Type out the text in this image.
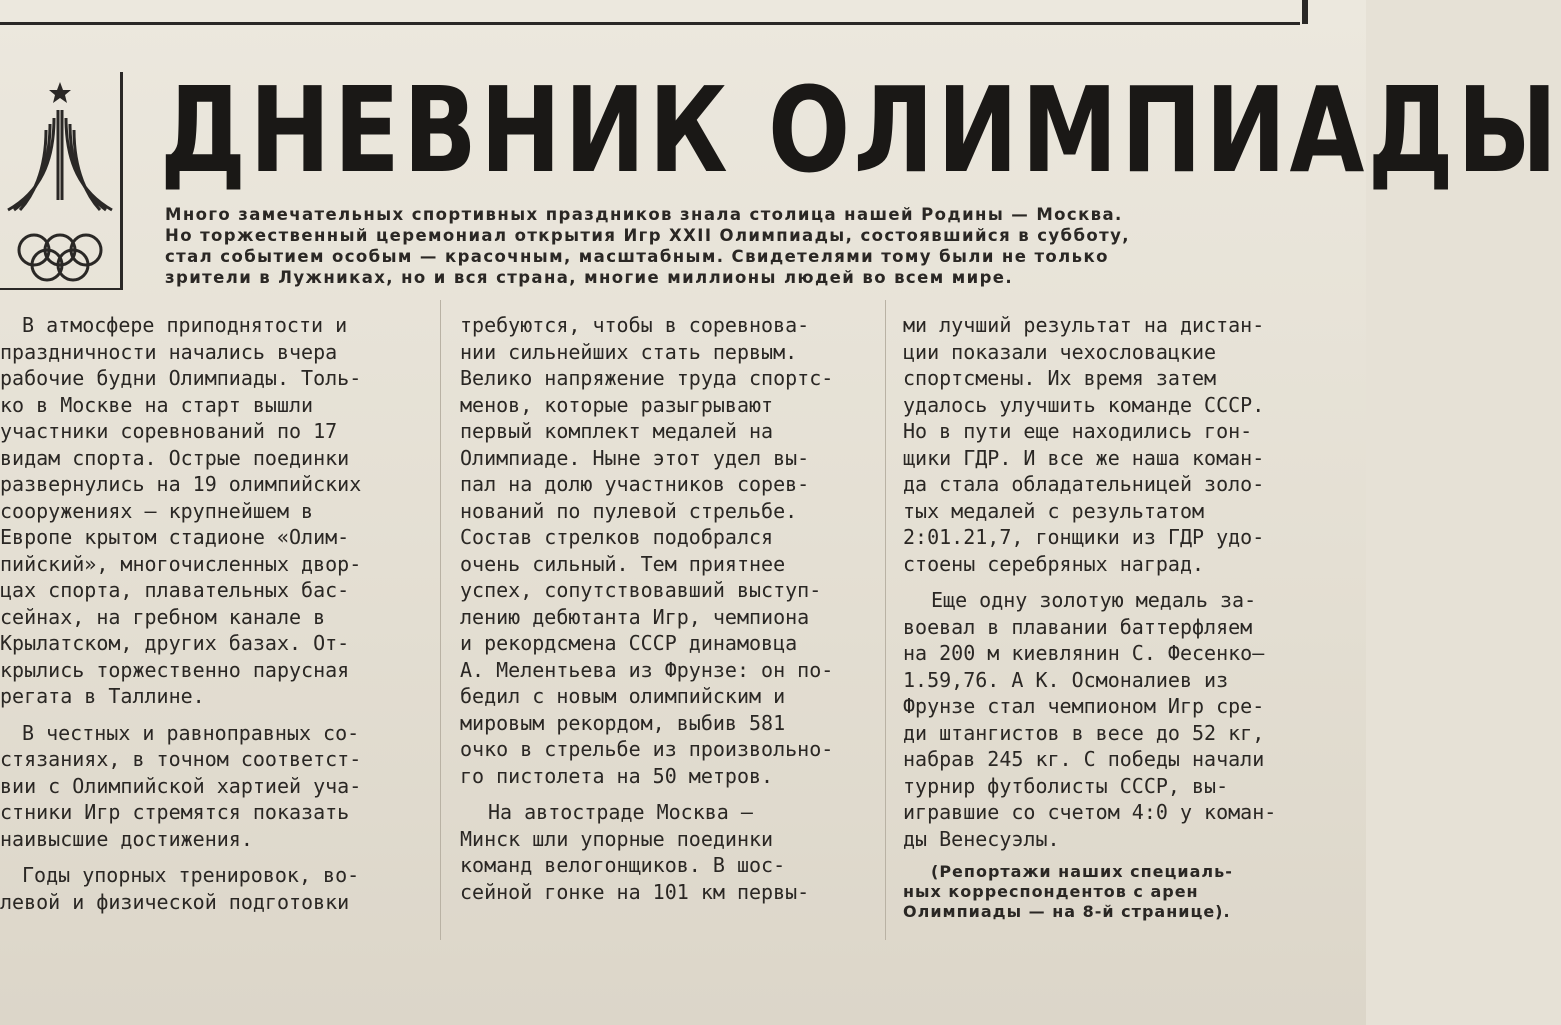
ДНЕВНИК ОЛИМПИАДЫ
Много замечательных спортивных праздников знала столица нашей Родины — Москва.
Но торжественный церемониал открытия Игр XXII Олимпиады, состоявшийся в субботу,
стал событием особым — красочным, масштабным. Свидетелями тому были не только
зрители в Лужниках, но и вся страна, многие миллионы людей во всем мире.
В атмосфере приподнятости и
праздничности начались вчера
рабочие будни Олимпиады. Толь-
ко в Москве на старт вышли
участники соревнований по 17
видам спорта. Острые поединки
развернулись на 19 олимпийских
сооружениях — крупнейшем в
Европе крытом стадионе «Олим-
пийский», многочисленных двор-
цах спорта, плавательных бас-
сейнах, на гребном канале в
Крылатском, других базах. От-
крылись торжественно парусная
регата в Таллине.
В честных и равноправных со-
стязаниях, в точном соответст-
вии с Олимпийской хартией уча-
стники Игр стремятся показать
наивысшие достижения.
Годы упорных тренировок, во-
левой и физической подготовки
требуются, чтобы в соревнова-
нии сильнейших стать первым.
Велико напряжение труда спортс-
менов, которые разыгрывают
первый комплект медалей на
Олимпиаде. Ныне этот удел вы-
пал на долю участников сорев-
нований по пулевой стрельбе.
Состав стрелков подобрался
очень сильный. Тем приятнее
успех, сопутствовавший выступ-
лению дебютанта Игр, чемпиона
и рекордсмена СССР динамовца
А. Мелентьева из Фрунзе: он по-
бедил с новым олимпийским и
мировым рекордом, выбив 581
очко в стрельбе из произвольно-
го пистолета на 50 метров.
На автостраде Москва —
Минск шли упорные поединки
команд велогонщиков. В шос-
сейной гонке на 101 км первы-
ми лучший результат на дистан-
ции показали чехословацкие
спортсмены. Их время затем
удалось улучшить команде СССР.
Но в пути еще находились гон-
щики ГДР. И все же наша коман-
да стала обладательницей золо-
тых медалей с результатом
2:01.21,7, гонщики из ГДР удо-
стоены серебряных наград.
Еще одну золотую медаль за-
воевал в плавании баттерфляем
на 200 м киевлянин С. Фесенко—
1.59,76. А К. Осмоналиев из
Фрунзе стал чемпионом Игр сре-
ди штангистов в весе до 52 кг,
набрав 245 кг. С победы начали
турнир футболисты СССР, вы-
игравшие со счетом 4:0 у коман-
ды Венесуэлы.
(Репортажи наших специаль-
ных корреспондентов с арен
Олимпиады — на 8-й странице).
